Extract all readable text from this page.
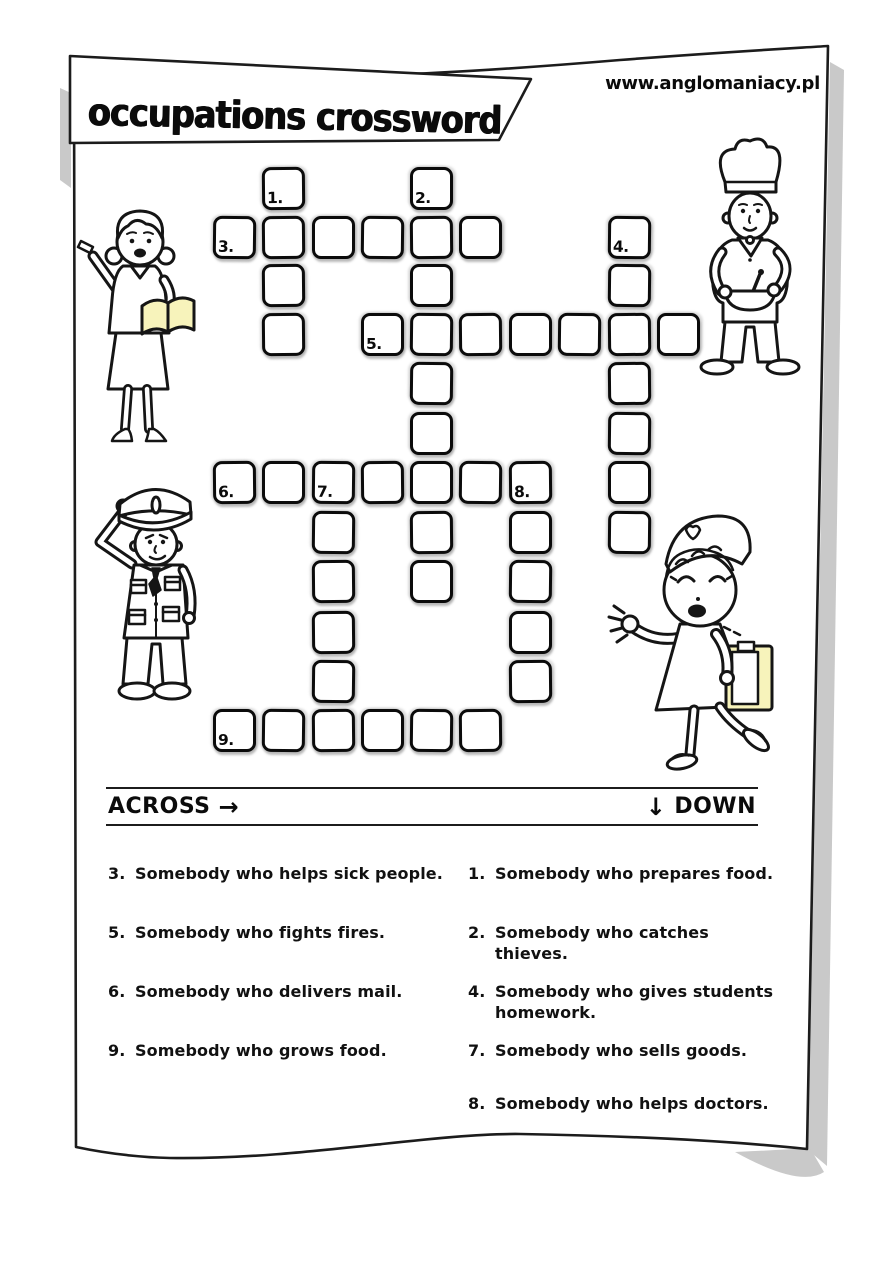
occupations crossword
www.anglomaniacy.pl
1.	2.
3.	4.
5.
6.	7.	8.
9.
ACROSS →	↓ DOWN
3. Somebody who helps sick people.
5. Somebody who fights fires.
6. Somebody who delivers mail.
9. Somebody who grows food.
1. Somebody who prepares food.
2. Somebody who catches thieves.
4. Somebody who gives students homework.
7. Somebody who sells goods.
8. Somebody who helps doctors.
